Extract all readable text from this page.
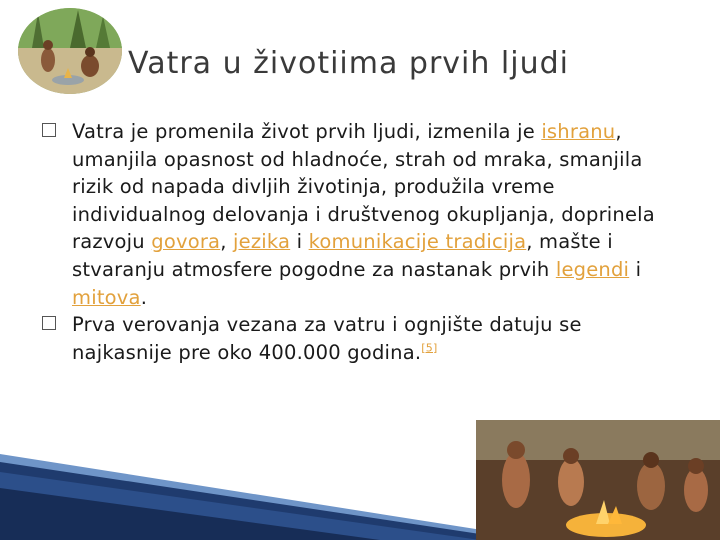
Vatra u životiima prvih ljudi

Vatra je promenila život prvih ljudi, izmenila je ishranu, umanjila opasnost od hladnoće, strah od mraka, smanjila rizik od napada divljih životinja, produžila vreme individualnog delovanja i društvenog okupljanja, doprinela razvoju govora, jezika i komunikacije tradicija, mašte i stvaranju atmosfere pogodne za nastanak prvih legendi i mitova.

Prva verovanja vezana za vatru i ognjište datuju se najkasnije pre oko 400.000 godina.[5]
